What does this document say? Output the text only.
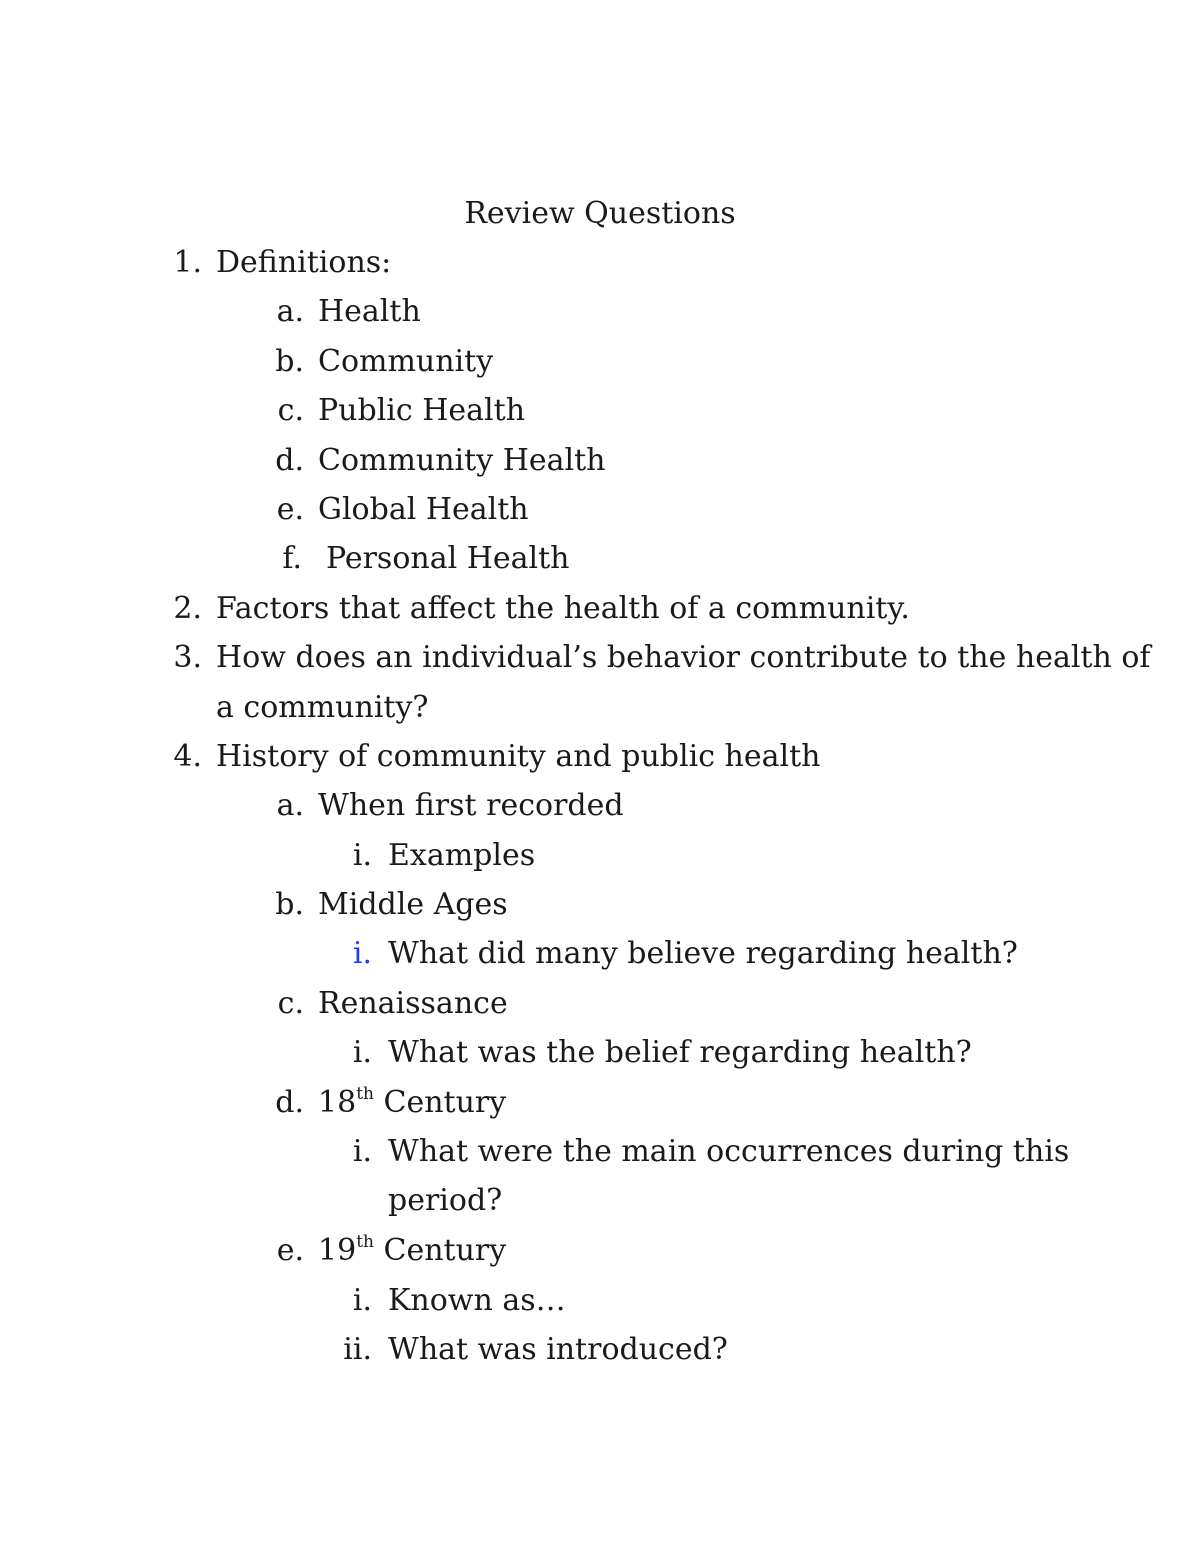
Review Questions
1. Definitions:
a. Health
b. Community
c. Public Health
d. Community Health
e. Global Health
f. Personal Health
2. Factors that affect the health of a community.
3. How does an individual’s behavior contribute to the health of
a community?
4. History of community and public health
a. When first recorded
i. Examples
b. Middle Ages
i. What did many believe regarding health?
c. Renaissance
i. What was the belief regarding health?
d. 18th Century
i. What were the main occurrences during this
period?
e. 19th Century
i. Known as…
ii. What was introduced?
